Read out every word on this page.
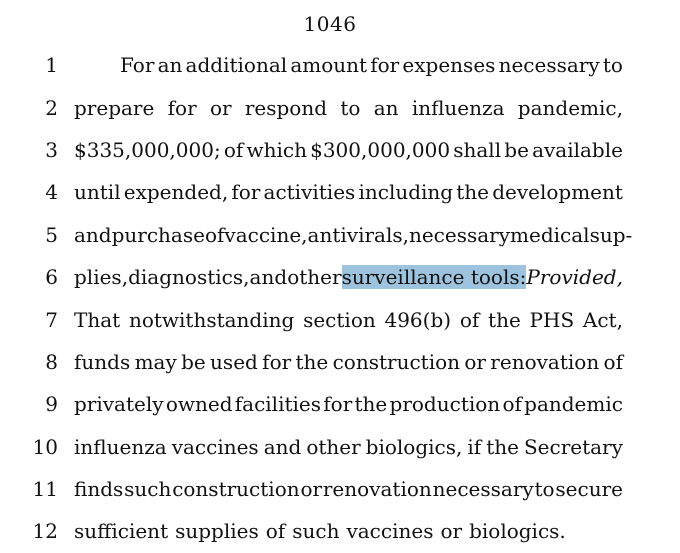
1046
1	For an additional amount for expenses necessary to
2 prepare for or respond to an influenza pandemic,
3 $335,000,000; of which $300,000,000 shall be available
4 until expended, for activities including the development
5 and purchase of vaccine, antivirals, necessary medical sup-
6 plies, diagnostics, and other surveillance tools: Provided,
7 That notwithstanding section 496(b) of the PHS Act,
8 funds may be used for the construction or renovation of
9 privately owned facilities for the production of pandemic
10 influenza vaccines and other biologics, if the Secretary
11 finds such construction or renovation necessary to secure
12 sufficient supplies of such vaccines or biologics.
